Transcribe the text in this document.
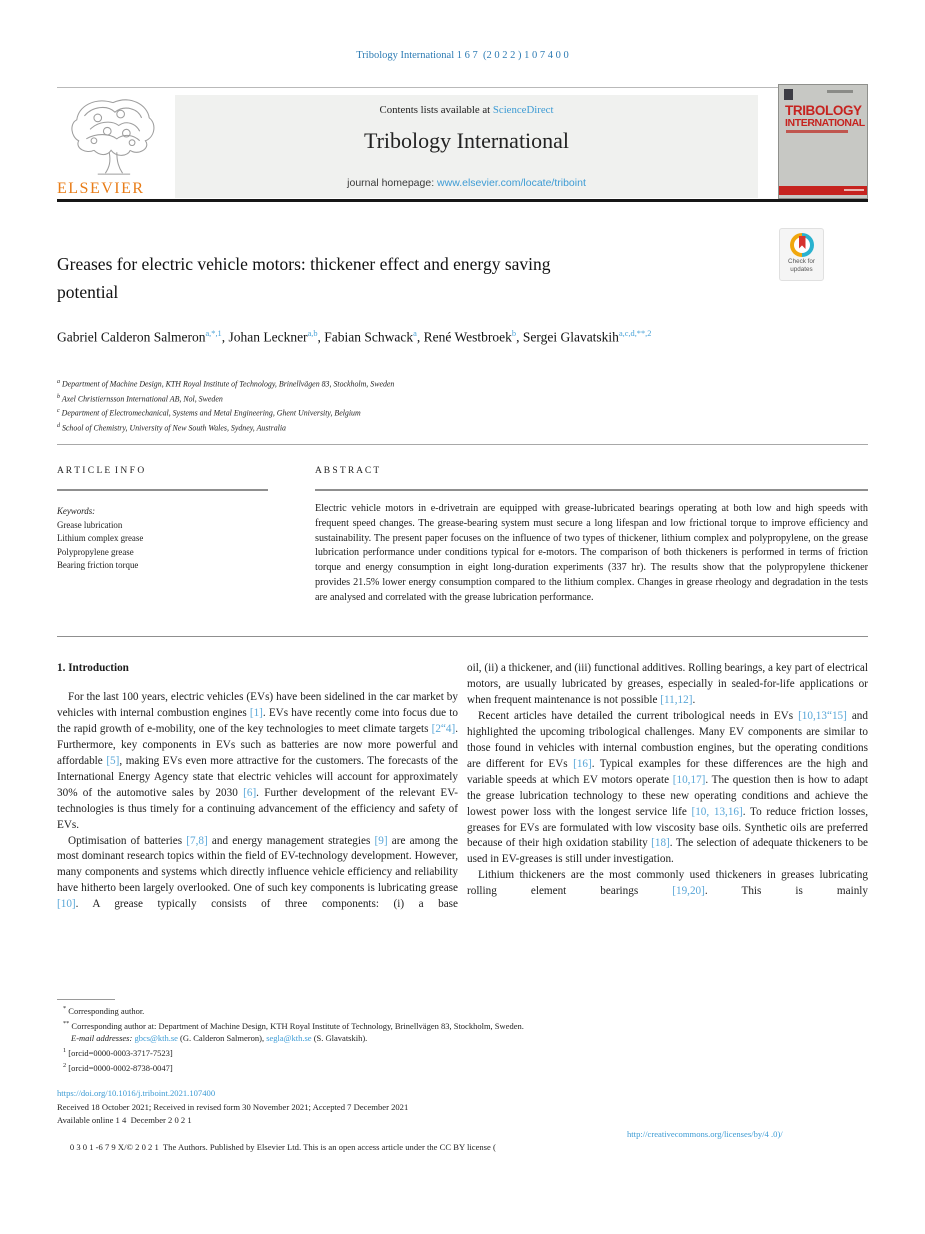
Tribology International 1 6 7  (2 0 2 2 ) 1 0 7 4 0 0
ELSEVIER
Contents lists available at ScienceDirect
Tribology International
journal homepage: www.elsevier.com/locate/triboint
TRIBOLOGY
INTERNATIONAL
Check for
updates
Greases for electric vehicle motors: thickener effect and energy saving potential
Gabriel Calderon Salmeron$^{a,*,1}$, Johan Leckner$^{a,b}$, Fabian Schwack$^a$, René Westbroek$^b$, Sergei Glavatskih$^{a,c,d,**,2}$
$^a$ Department of Machine Design, KTH Royal Institute of Technology, Brinellvägen 83, Stockholm, Sweden
$^b$ Axel Christiernsson International AB, Nol, Sweden
$^c$ Department of Electromechanical, Systems and Metal Engineering, Ghent University, Belgium
$^d$ School of Chemistry, University of New South Wales, Sydney, Australia
A R T I C L E  I N F O	A B S T R A C T
Keywords:
Grease lubrication
Lithium complex grease
Polypropylene grease
Bearing friction torque
Electric vehicle motors in e-drivetrain are equipped with grease-lubricated bearings operating at both low and high speeds with frequent speed changes. The grease-bearing system must secure a long lifespan and low frictional torque to improve efficiency and sustainability. The present paper focuses on the influence of two types of thickener, lithium complex and polypropylene, on the grease lubrication performance under conditions typical for e-motors. The comparison of both thickeners is performed in terms of friction torque and energy consumption in eight long-duration experiments (337 hr). The results show that the polypropylene thickener provides 21.5% lower energy consumption compared to the lithium complex. Changes in grease rheology and degradation in the tests are analysed and correlated with the grease lubrication performance.
1. Introduction
For the last 100 years, electric vehicles (EVs) have been sidelined in the car market by vehicles with internal combustion engines [1]. EVs have recently come into focus due to the rapid growth of e-mobility, one of the key technologies to meet climate targets [2“4]. Furthermore, key components in EVs such as batteries are now more powerful and affordable [5], making EVs even more attractive for the customers. The forecasts of the International Energy Agency state that electric vehicles will account for approximately 30% of the automotive sales by 2030 [6]. Further development of the relevant EV-technologies is thus timely for a continuing advancement of the efficiency and safety of EVs.
Optimisation of batteries [7,8] and energy management strategies [9] are among the most dominant research topics within the field of EV-technology development. However, many components and systems which directly influence vehicle efficiency and reliability have hitherto been largely overlooked. One of such key components is lubricating grease [10]. A grease typically consists of three components: (i) a base
oil, (ii) a thickener, and (iii) functional additives. Rolling bearings, a key part of electrical motors, are usually lubricated by greases, especially in sealed-for-life applications or when frequent maintenance is not possible [11,12].
Recent articles have detailed the current tribological needs in EVs [10,13“15] and highlighted the upcoming tribological challenges. Many EV components are similar to those found in vehicles with internal combustion engines, but the operating conditions are different for EVs [16]. Typical examples for these differences are the high and variable speeds at which EV motors operate [10,17]. The question then is how to adapt the grease lubrication technology to these new operating conditions and achieve the lowest power loss with the longest service life [10, 13,16]. To reduce friction losses, greases for EVs are formulated with low viscosity base oils. Synthetic oils are preferred because of their high oxidation stability [18]. The selection of adequate thickeners to be used in EV-greases is still under investigation.
Lithium thickeners are the most commonly used thickeners in greases lubricating rolling element bearings [19,20]. This is mainly
* Corresponding author.
** Corresponding author at: Department of Machine Design, KTH Royal Institute of Technology, Brinellvägen 83, Stockholm, Sweden.
E-mail addresses: gbcs@kth.se (G. Calderon Salmeron), segla@kth.se (S. Glavatskih).
$^1$ [orcid=0000-0003-3717-7523]
$^2$ [orcid=0000-0002-8738-0047]
https://doi.org/10.1016/j.triboint.2021.107400
Received 18 October 2021; Received in revised form 30 November 2021; Accepted 7 December 2021
Available online 1 4  December 2 0 2 1

0 3 0 1 -6 7 9 X/© 2 0 2 1  The Authors. Published by Elsevier Ltd. This is an open access article under the CC BY license (

http://creativecommons.org/licenses/by/4 .0)/
